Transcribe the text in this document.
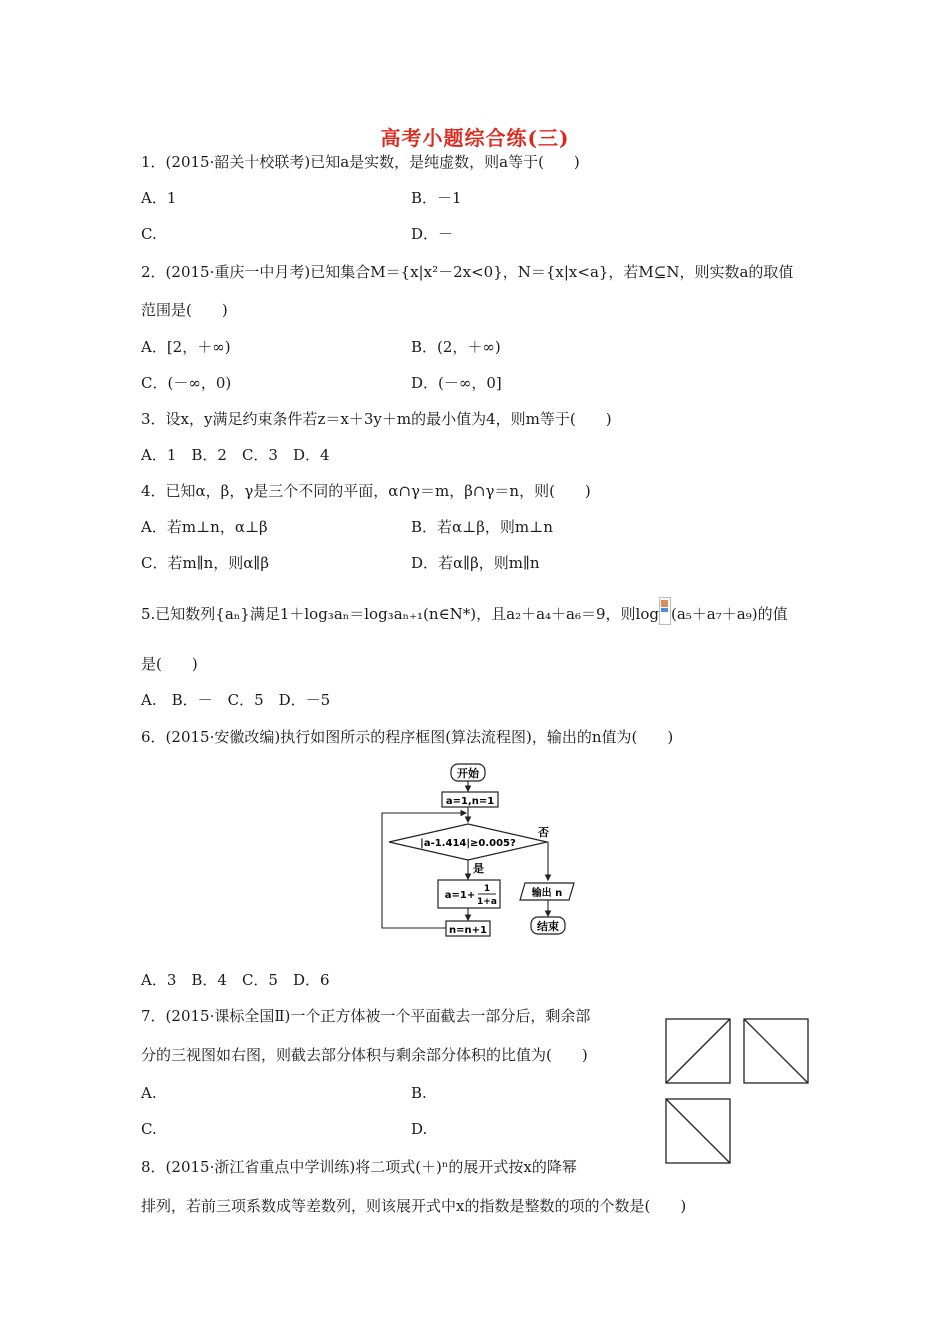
高考小题综合练(三)
1．(2015·韶关十校联考)已知a是实数，是纯虚数，则a等于(　　)
A．1	B．－1
C.	D．－
2．(2015·重庆一中月考)已知集合M＝{x|x²－2x<0}，N＝{x|x<a}，若M⊆N，则实数a的取值
范围是(　　)
A．[2，＋∞)	B．(2，＋∞)
C．(－∞，0)	D．(－∞，0]
3．设x，y满足约束条件若z＝x＋3y＋m的最小值为4，则m等于(　　)
A．1　B．2　C．3　D．4
4．已知α，β，γ是三个不同的平面，α∩γ＝m，β∩γ＝n，则(　　)
A．若m⊥n，α⊥β	B．若α⊥β，则m⊥n
C．若m∥n，则α∥β	D．若α∥β，则m∥n
5.已知数列{aₙ}满足1＋log₃aₙ＝log₃aₙ₊₁(n∈N*)，且a₂＋a₄＋a₆＝9，则log (a₅＋a₇＋a₉)的值
是(　　)
A.　B．－　C．5　D．－5
6．(2015·安徽改编)执行如图所示的程序框图(算法流程图)，输出的n值为(　　)
开始
a=1,n=1
|a-1.414|≥0.005?
否
是
a=1+
1
1+a
n=n+1
输出 n
结束
A．3　B．4　C．5　D．6
7．(2015·课标全国Ⅱ)一个正方体被一个平面截去一部分后，剩余部
分的三视图如右图，则截去部分体积与剩余部分体积的比值为(　　)
A.	B.
C.	D.
8．(2015·浙江省重点中学训练)将二项式(＋)ⁿ的展开式按x的降幂
排列，若前三项系数成等差数列，则该展开式中x的指数是整数的项的个数是(　　)
